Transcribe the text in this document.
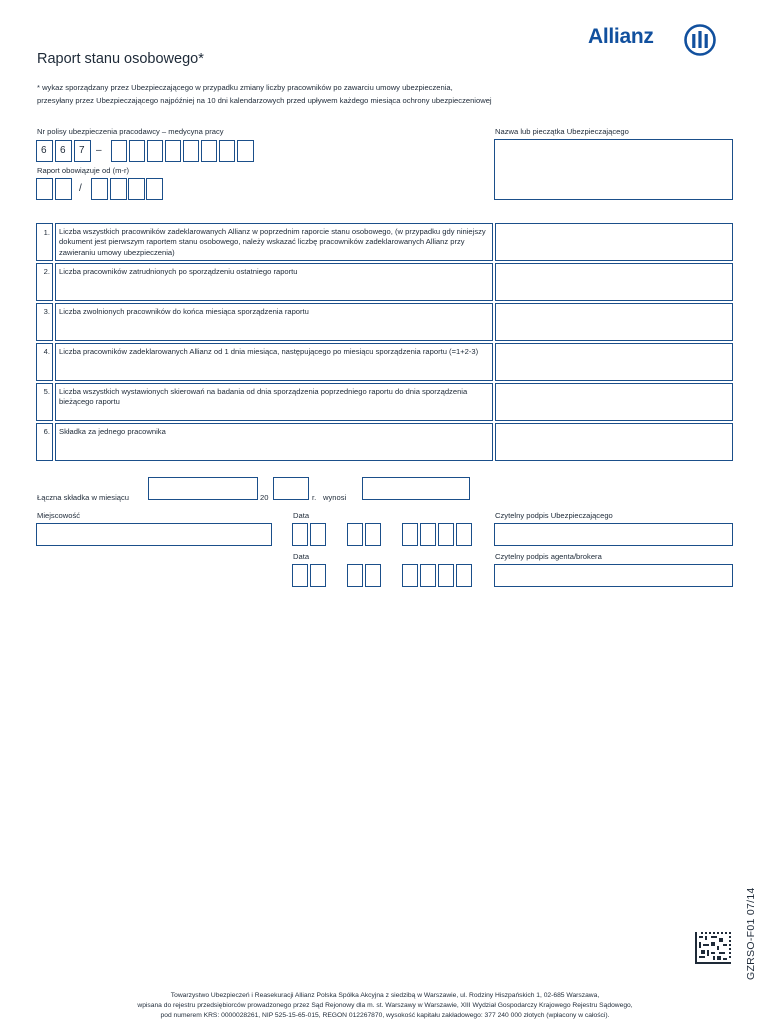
Raport stanu osobowego*
Allianz
* wykaz sporządzany przez Ubezpieczającego w przypadku zmiany liczby pracowników po zawarciu umowy ubezpieczenia,
przesyłany przez Ubezpieczającego najpóźniej na 10 dni kalendarzowych przed upływem każdego miesiąca ochrony ubezpieczeniowej
Nr polisy ubezpieczenia pracodawcy – medycyna pracy	Nazwa lub pieczątka Ubezpieczającego
6 6 7 –
Raport obowiązuje od (m-r)
/
1. Liczba wszystkich pracowników zadeklarowanych Allianz w poprzednim raporcie stanu osobowego, (w przypadku gdy niniejszy dokument jest pierwszym raportem stanu osobowego, należy wskazać liczbę pracowników zadeklarowanych Allianz przy zawieraniu umowy ubezpieczenia)
2. Liczba pracowników zatrudnionych po sporządzeniu ostatniego raportu
3. Liczba zwolnionych pracowników do końca miesiąca sporządzenia raportu
4. Liczba pracowników zadeklarowanych Allianz od 1 dnia miesiąca, następującego po miesiącu sporządzenia raportu (=1+2-3)
5. Liczba wszystkich wystawionych skierowań na badania od dnia sporządzenia poprzedniego raportu do dnia sporządzenia bieżącego raportu
6. Składka za jednego pracownika
Łączna składka w miesiącu	20	r. wynosi
Miejscowość	Data	Czytelny podpis Ubezpieczającego
Data	Czytelny podpis agenta/brokera
GZRSO-F01 07/14
Towarzystwo Ubezpieczeń i Reasekuracji Allianz Polska Spółka Akcyjna z siedzibą w Warszawie, ul. Rodziny Hiszpańskich 1, 02-685 Warszawa,
wpisana do rejestru przedsiębiorców prowadzonego przez Sąd Rejonowy dla m. st. Warszawy w Warszawie, XIII Wydział Gospodarczy Krajowego Rejestru Sądowego,
pod numerem KRS: 0000028261, NIP 525-15-65-015, REGON 012267870, wysokość kapitału zakładowego: 377 240 000 złotych (wpłacony w całości).
